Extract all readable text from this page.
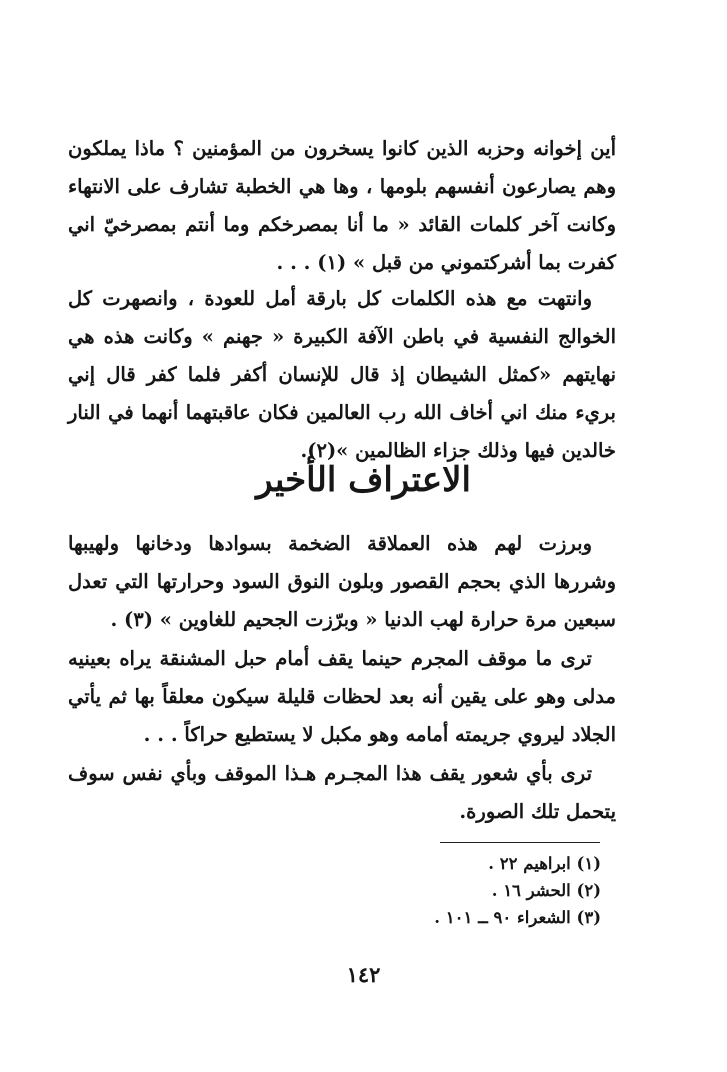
أين إخوانه وحزبه الذين كانوا يسخرون من المؤمنين ؟ ماذا يملكون وهم يصارعون أنفسهم بلومها ، وها هي الخطبة تشارف على الانتهاء وكانت آخر كلمات القائد « ما أنا بمصرخكم وما أنتم بمصرخيّ اني كفرت بما أشركتموني من قبل » (١) . . .

وانتهت مع هذه الكلمات كل بارقة أمل للعودة ، وانصهرت كل الخوالج النفسية في باطن الآفة الكبيرة « جهنم » وكانت هذه هي نهايتهم «كمثل الشيطان إذ قال للإنسان أكفر فلما كفر قال إني بريء منك اني أخاف الله رب العالمين فكان عاقبتهما أنهما في النار خالدين فيها وذلك جزاء الظالمين »(٢).

الاعتراف الأخير

وبرزت لهم هذه العملاقة الضخمة بسوادها ودخانها ولهيبها وشررها الذي بحجم القصور وبلون النوق السود وحرارتها التي تعدل سبعين مرة حرارة لهب الدنيا « وبرّزت الجحيم للغاوين » (٣) .

ترى ما موقف المجرم حينما يقف أمام حبل المشنقة يراه بعينيه مدلى وهو على يقين أنه بعد لحظات قليلة سيكون معلقاً بها ثم يأتي الجلاد ليروي جريمته أمامه وهو مكبل لا يستطيع حراكاً . . .

ترى بأي شعور يقف هذا المجـرم هـذا الموقف وبأي نفس سوف يتحمل تلك الصورة.

(١) ابراهيم ٢٢ .
(٢) الحشر ١٦ .
(٣) الشعراء ٩٠ ــ ١٠١ .
١٤٢
